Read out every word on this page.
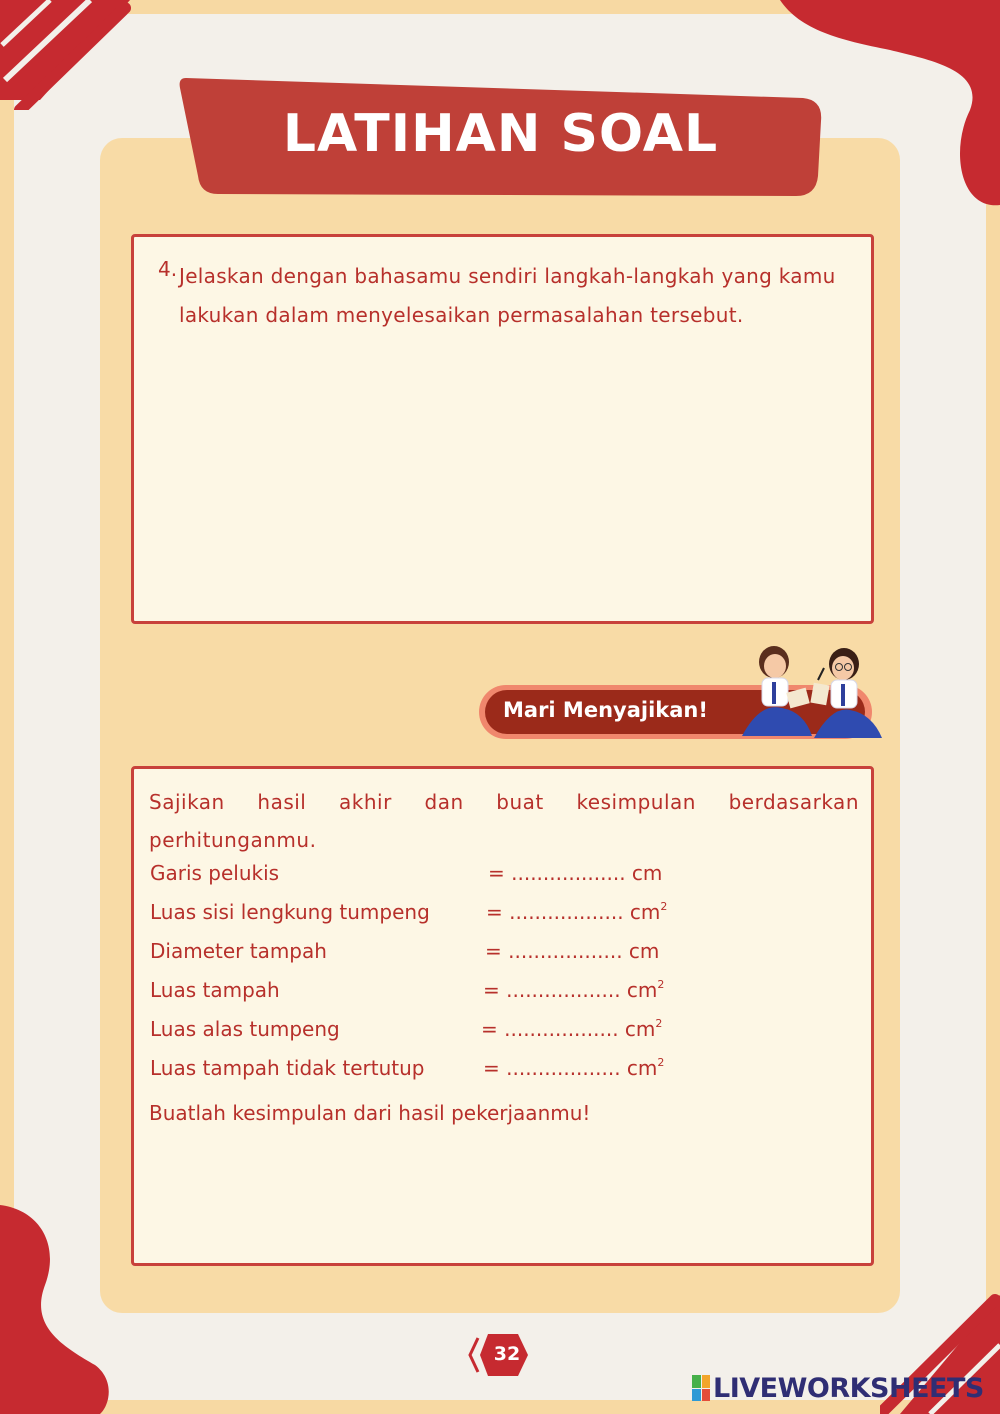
LATIHAN SOAL
4. Jelaskan dengan bahasamu sendiri langkah-langkah yang kamu lakukan dalam menyelesaikan permasalahan tersebut.
Mari Menyajikan!
Sajikan hasil akhir dan buat kesimpulan berdasarkan perhitunganmu.
Garis pelukis	= .................. cm
Luas sisi lengkung tumpeng	= .................. $cm^2$
Diameter tampah	= .................. cm
Luas tampah	= .................. $cm^2$
Luas alas tumpeng	= .................. $cm^2$
Luas tampah tidak tertutup	= .................. $cm^2$
Buatlah kesimpulan dari hasil pekerjaanmu!
32
LIVEWORKSHEETS
